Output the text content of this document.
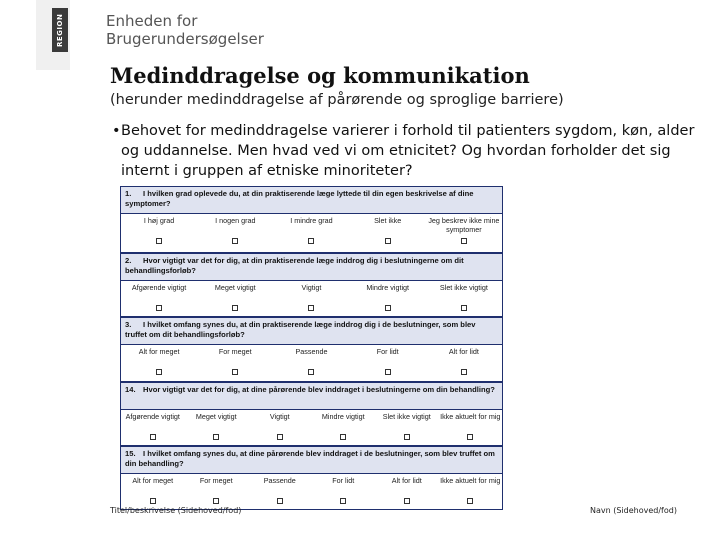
REGION	Enheden for
Brugerundersøgelser
Medinddragelse og kommunikation
(herunder medinddragelse af pårørende og sproglige barriere)
• Behovet for medinddragelse varierer i forhold til patienters sygdom, køn, alder og uddannelse. Men hvad ved vi om etnicitet? Og hvordan forholder det sig internt i gruppen af etniske minoriteter?
1. I hvilken grad oplevede du, at din praktiserende læge lyttede til din egen beskrivelse af dine symptomer?
I høj grad	I nogen grad	I mindre grad	Slet ikke	Jeg beskrev ikke mine symptomer
2. Hvor vigtigt var det for dig, at din praktiserende læge inddrog dig i beslutningerne om dit behandlingsforløb?
Afgørende vigtigt	Meget vigtigt	Vigtigt	Mindre vigtigt	Slet ikke vigtigt
3. I hvilket omfang synes du, at din praktiserende læge inddrog dig i de beslutninger, som blev truffet om dit behandlingsforløb?
Alt for meget	For meget	Passende	For lidt	Alt for lidt
14. Hvor vigtigt var det for dig, at dine pårørende blev inddraget i beslutningerne om din behandling?
Afgørende vigtigt	Meget vigtigt	Vigtigt	Mindre vigtigt	Slet ikke vigtigt	Ikke aktuelt for mig
15. I hvilket omfang synes du, at dine pårørende blev inddraget i de beslutninger, som blev truffet om din behandling?
Alt for meget	For meget	Passende	For lidt	Alt for lidt	Ikke aktuelt for mig
Titel/beskrivelse (Sidehoved/fod)	Navn (Sidehoved/fod)
